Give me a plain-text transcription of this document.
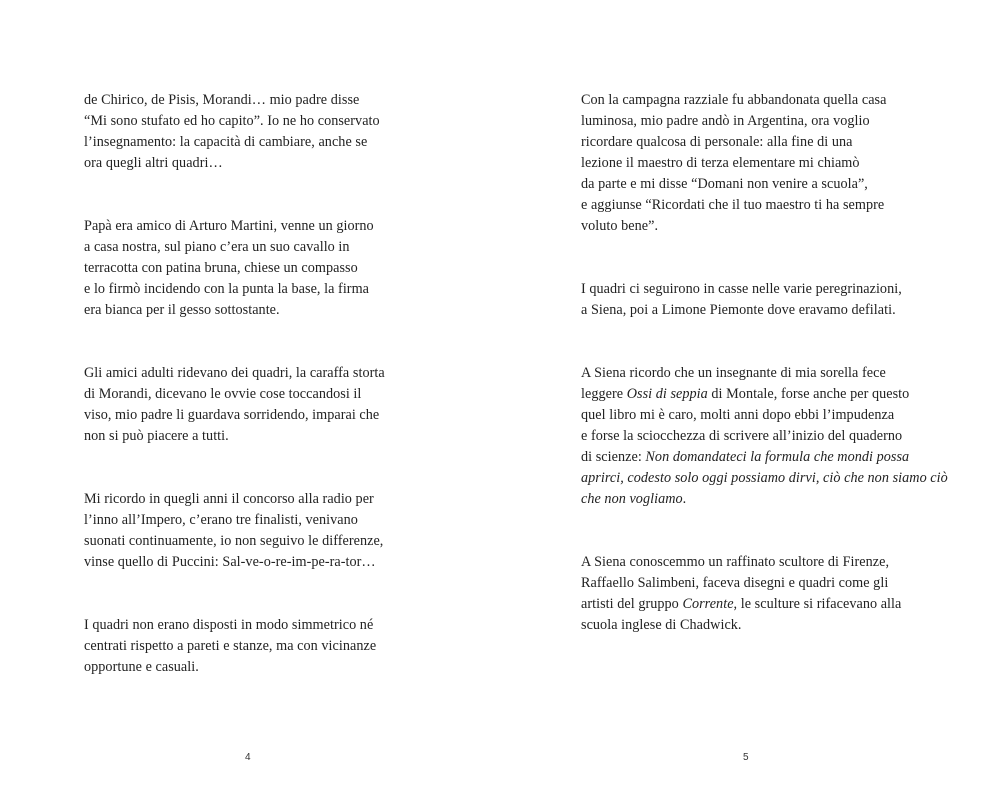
de Chirico, de Pisis, Morandi… mio padre disse
“Mi sono stufato ed ho capito”. Io ne ho conservato
l’insegnamento: la capacità di cambiare, anche se
ora quegli altri quadri…

Papà era amico di Arturo Martini, venne un giorno
a casa nostra, sul piano c’era un suo cavallo in
terracotta con patina bruna, chiese un compasso
e lo firmò incidendo con la punta la base, la firma
era bianca per il gesso sottostante.

Gli amici adulti ridevano dei quadri, la caraffa storta
di Morandi, dicevano le ovvie cose toccandosi il
viso, mio padre li guardava sorridendo, imparai che
non si può piacere a tutti.

Mi ricordo in quegli anni il concorso alla radio per
l’inno all’Impero, c’erano tre finalisti, venivano
suonati continuamente, io non seguivo le differenze,
vinse quello di Puccini: Sal-ve-o-re-im-pe-ra-tor…

I quadri non erano disposti in modo simmetrico né
centrati rispetto a pareti e stanze, ma con vicinanze
opportune e casuali.

4

Con la campagna razziale fu abbandonata quella casa
luminosa, mio padre andò in Argentina, ora voglio
ricordare qualcosa di personale: alla fine di una
lezione il maestro di terza elementare mi chiamò
da parte e mi disse “Domani non venire a scuola”,
e aggiunse “Ricordati che il tuo maestro ti ha sempre
voluto bene”.

I quadri ci seguirono in casse nelle varie peregrinazioni,
a Siena, poi a Limone Piemonte dove eravamo defilati.

A Siena ricordo che un insegnante di mia sorella fece
leggere Ossi di seppia di Montale, forse anche per questo
quel libro mi è caro, molti anni dopo ebbi l’impudenza
e forse la sciocchezza di scrivere all’inizio del quaderno
di scienze: Non domandateci la formula che mondi possa
aprirci, codesto solo oggi possiamo dirvi, ciò che non siamo ciò
che non vogliamo.

A Siena conoscemmo un raffinato scultore di Firenze,
Raffaello Salimbeni, faceva disegni e quadri come gli
artisti del gruppo Corrente, le sculture si rifacevano alla
scuola inglese di Chadwick.

5
